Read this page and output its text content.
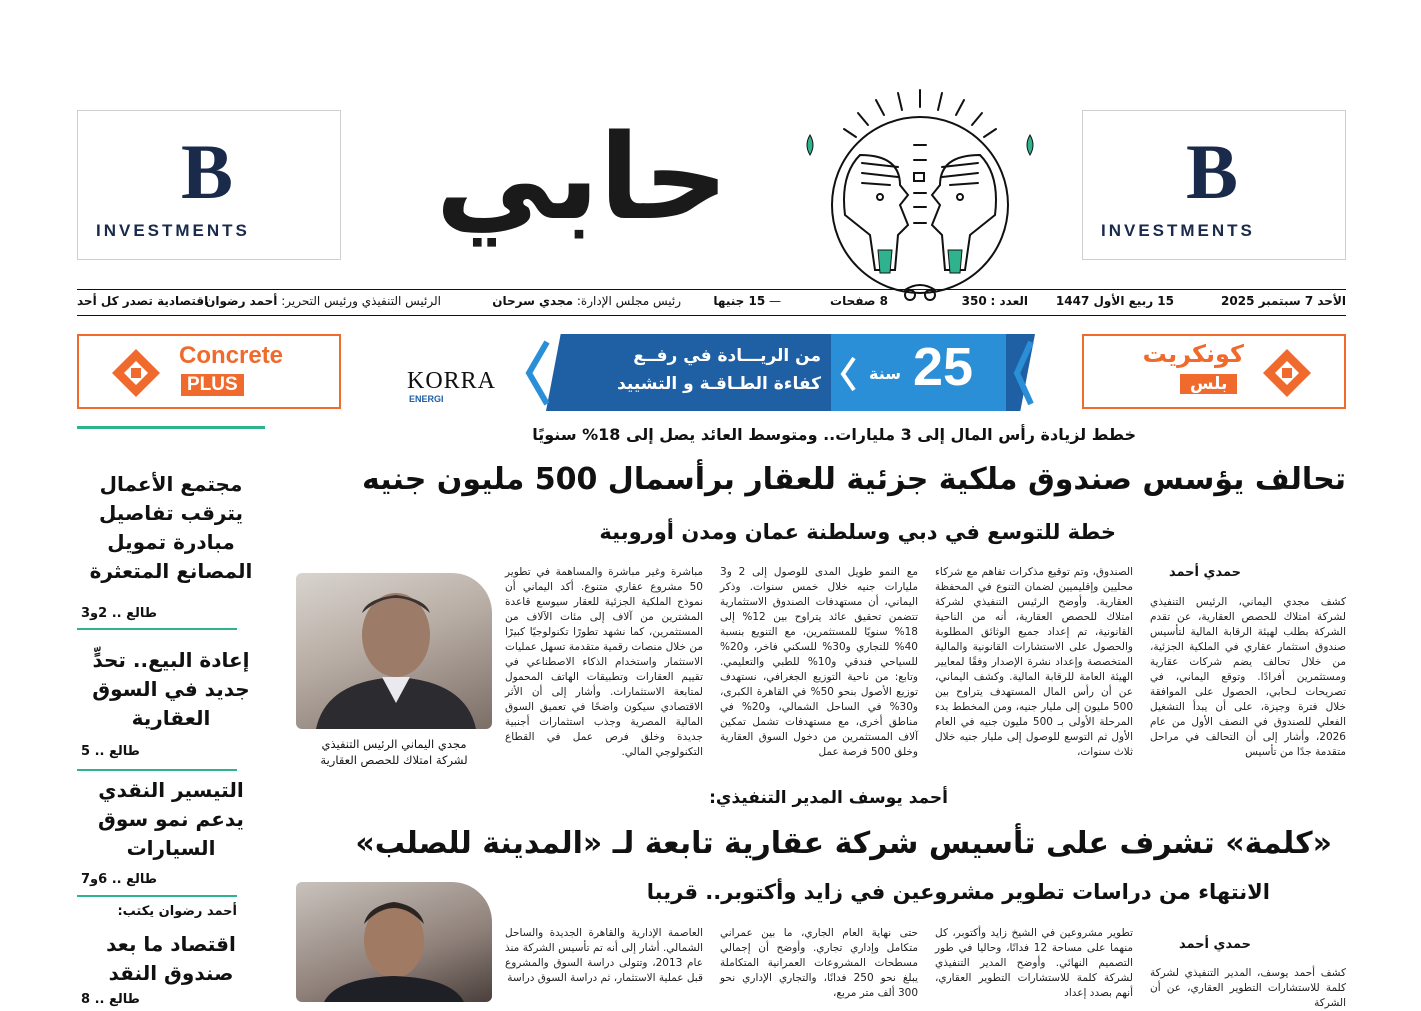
B
INVESTMENTS
B
INVESTMENTS
حابي
الأحد 7 سبتمبر 2025
15 ربيع الأول 1447
العدد : 350
8 صفحات
— 15 جنيها
رئيس مجلس الإدارة: مجدي سرحان
الرئيس التنفيذي ورئيس التحرير: أحمد رضوان
اقتصادية تصدر كل أحد
Concrete
PLUS	25
سنة
من الريـــادة في رفــع
كفاءة الطـاقـة و التشييد
KORRA
ENERGI
كونكريت
بلس
مجتمع الأعمال
يترقب تفاصيل
مبادرة تمويل
المصانع المتعثرة
طالع .. 2و3
إعادة البيع.. تحدٍّ
جديد في السوق
العقارية
طالع .. 5
التيسير النقدي
يدعم نمو سوق
السيارات
طالع .. 6و7
أحمد رضوان يكتب:
اقتصاد ما بعد
صندوق النقد
طالع .. 8
خطط لزيادة رأس المال إلى 3 مليارات.. ومتوسط العائد يصل إلى 18% سنويًا
تحالف يؤسس صندوق ملكية جزئية للعقار برأسمال 500 مليون جنيه
خطة للتوسع في دبي وسلطنة عمان ومدن أوروبية
حمدي أحمد
كشف مجدي اليماني، الرئيس التنفيذي لشركة امتلاك للحصص العقارية، عن تقدم الشركة بطلب لهيئة الرقابة المالية لتأسيس صندوق استثمار عقاري في الملكية الجزئية، من خلال تحالف يضم شركات عقارية ومستثمرين أفرادًا. وتوقع اليماني، في تصريحات لـحابي، الحصول على الموافقة خلال فترة وجيزة، على أن يبدأ التشغيل الفعلي للصندوق في النصف الأول من عام 2026، وأشار إلى أن التحالف في مراحل متقدمة جدًا من تأسيس
الصندوق، وتم توقيع مذكرات تفاهم مع شركاء محليين وإقليميين لضمان التنوع في المحفظة العقارية. وأوضح الرئيس التنفيذي لشركة امتلاك للحصص العقارية، أنه من الناحية القانونية، تم إعداد جميع الوثائق المطلوبة والحصول على الاستشارات القانونية والمالية المتخصصة وإعداد نشرة الإصدار وفقًا لمعايير الهيئة العامة للرقابة المالية. وكشف اليماني، عن أن رأس المال المستهدف يتراوح بين 500 مليون إلى مليار جنيه، ومن المخطط بدء المرحلة الأولى بـ 500 مليون جنيه في العام الأول ثم التوسع للوصول إلى مليار جنيه خلال ثلاث سنوات،
مع النمو طويل المدى للوصول إلى 2 و3 مليارات جنيه خلال خمس سنوات. وذكر اليماني، أن مستهدفات الصندوق الاستثمارية تتضمن تحقيق عائد يتراوح بين 12% إلى 18% سنويًا للمستثمرين، مع التنويع بنسبة 40% للتجاري و30% للسكني فاخر، و20% للسياحي فندقي و10% للطبي والتعليمي. وتابع: من ناحية التوزيع الجغرافي، نستهدف توزيع الأصول بنحو 50% في القاهرة الكبرى، و30% في الساحل الشمالي، و20% في مناطق أخرى، مع مستهدفات تشمل تمكين آلاف المستثمرين من دخول السوق العقارية وخلق 500 فرصة عمل
مباشرة وغير مباشرة والمساهمة في تطوير 50 مشروع عقاري متنوع. أكد اليماني أن نموذج الملكية الجزئية للعقار سيوسع قاعدة المشترين من آلاف إلى مئات الآلاف من المستثمرين، كما نشهد تطورًا تكنولوجيًا كبيرًا من خلال منصات رقمية متقدمة تسهل عمليات الاستثمار واستخدام الذكاء الاصطناعي في تقييم العقارات وتطبيقات الهاتف المحمول لمتابعة الاستثمارات. وأشار إلى أن الأثر الاقتصادي سيكون واضحًا في تعميق السوق المالية المصرية وجذب استثمارات أجنبية جديدة وخلق فرص عمل في القطاع التكنولوجي المالي.
مجدي اليماني الرئيس التنفيذي
لشركة امتلاك للحصص العقارية
أحمد يوسف المدير التنفيذي:
«كلمة» تشرف على تأسيس شركة عقارية تابعة لـ «المدينة للصلب»
الانتهاء من دراسات تطوير مشروعين في زايد وأكتوبر.. قريبا
حمدي أحمد
كشف أحمد يوسف، المدير التنفيذي لشركة كلمة للاستشارات التطوير العقاري، عن أن الشركة
تطوير مشروعين في الشيخ زايد وأكتوبر، كل منهما على مساحة 12 فدانًا، وحاليا في طور التصميم النهائي. وأوضح المدير التنفيذي لشركة كلمة للاستشارات التطوير العقاري، أنهم بصدد إعداد
حتى نهاية العام الجاري، ما بين عمراني متكامل وإداري تجاري. وأوضح أن إجمالي مسطحات المشروعات العمرانية المتكاملة يبلغ نحو 250 فدانًا، والتجاري الإداري نحو 300 ألف متر مربع،
العاصمة الإدارية والقاهرة الجديدة والساحل الشمالي. أشار إلى أنه تم تأسيس الشركة منذ عام 2013، وتتولى دراسة السوق والمشروع قبل عملية الاستثمار، ثم دراسة السوق دراسة
